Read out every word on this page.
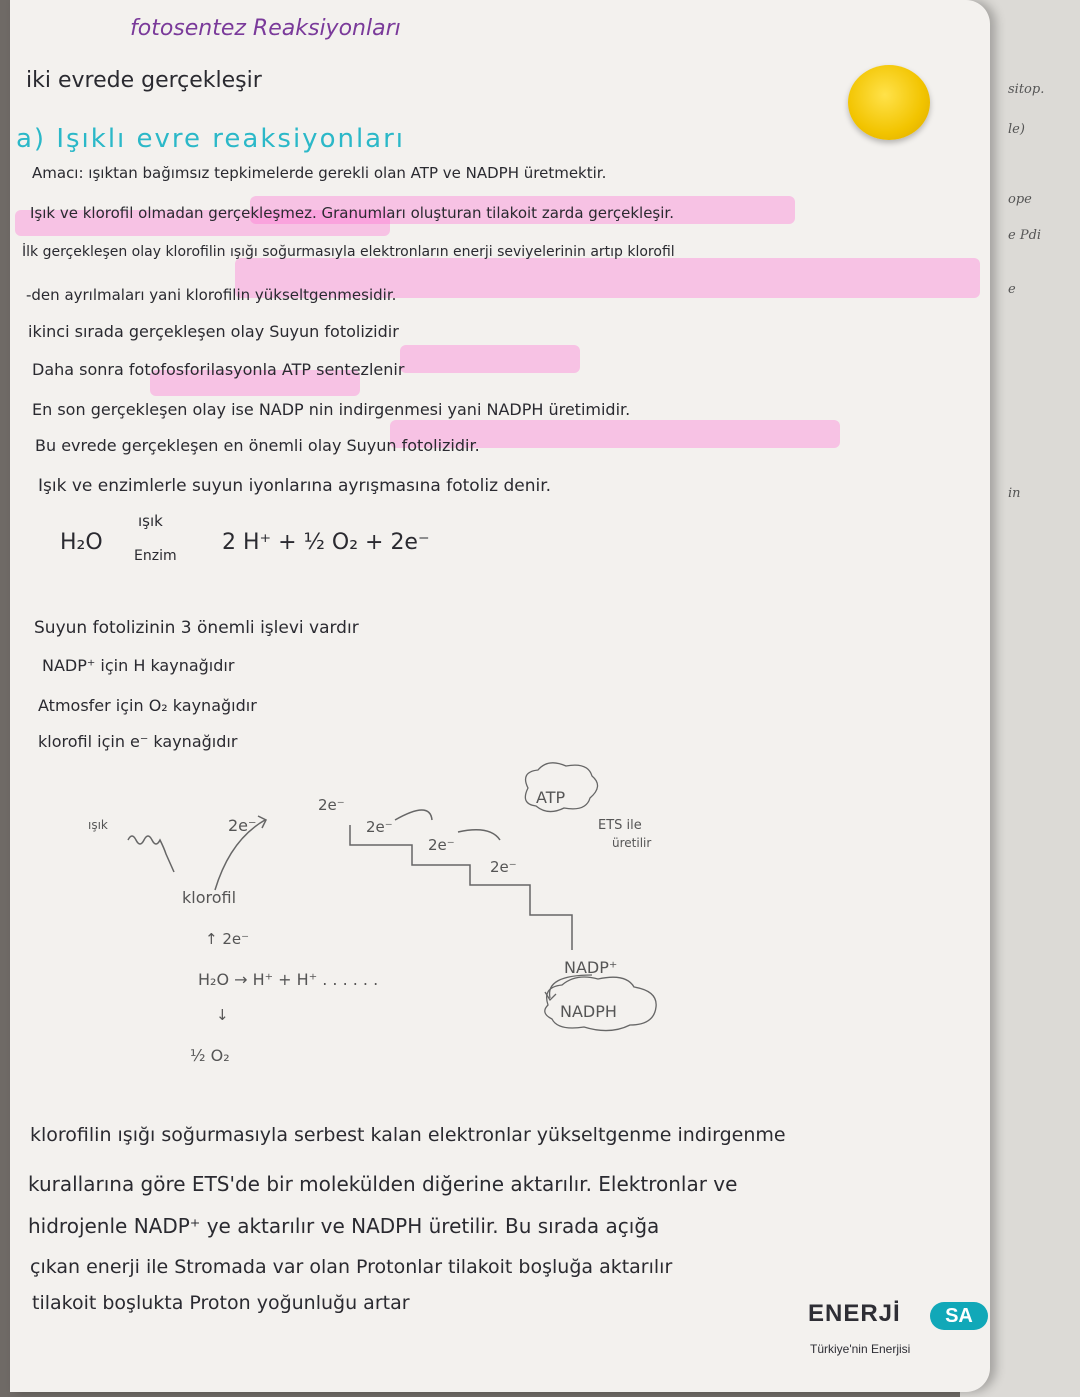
sitop.
le)
ope
e Pdi
e
in
fotosentez Reaksiyonları
iki evrede gerçekleşir
a) Işıklı evre reaksiyonları
Amacı: ışıktan bağımsız tepkimelerde gerekli olan ATP ve NADPH üretmektir.
Işık ve klorofil olmadan gerçekleşmez. Granumları oluşturan tilakoit zarda gerçekleşir.
İlk gerçekleşen olay klorofilin ışığı soğurmasıyla elektronların enerji seviyelerinin artıp klorofil
-den ayrılmaları yani klorofilin yükseltgenmesidir.
ikinci sırada gerçekleşen olay Suyun fotolizidir
Daha sonra fotofosforilasyonla ATP sentezlenir
En son gerçekleşen olay ise NADP nin indirgenmesi yani NADPH üretimidir.
Bu evrede gerçekleşen en önemli olay Suyun fotolizidir.
Işık ve enzimlerle suyun iyonlarına ayrışmasına fotoliz denir.
H₂O
ışık
Enzim
2 H⁺ + ½ O₂ + 2e⁻
Suyun fotolizinin 3 önemli işlevi vardır
NADP⁺ için H kaynağıdır
Atmosfer için O₂ kaynağıdır
klorofil için e⁻ kaynağıdır
klorofilin ışığı soğurmasıyla serbest kalan elektronlar yükseltgenme indirgenme
kurallarına göre ETS'de bir molekülden diğerine aktarılır. Elektronlar ve
hidrojenle NADP⁺ ye aktarılır ve NADPH üretilir. Bu sırada açığa
çıkan enerji ile Stromada var olan Protonlar tilakoit boşluğa aktarılır
tilakoit boşlukta Proton yoğunluğu artar
ışık
klorofil
2e⁻
↑ 2e⁻
H₂O → H⁺ + H⁺ . . . . . .
↓
½ O₂
2e⁻
2e⁻
2e⁻
2e⁻
ATP
ETS ile
üretilir
NADP⁺
NADPH
ENERJİ	SA
Türkiye'nin Enerjisi
